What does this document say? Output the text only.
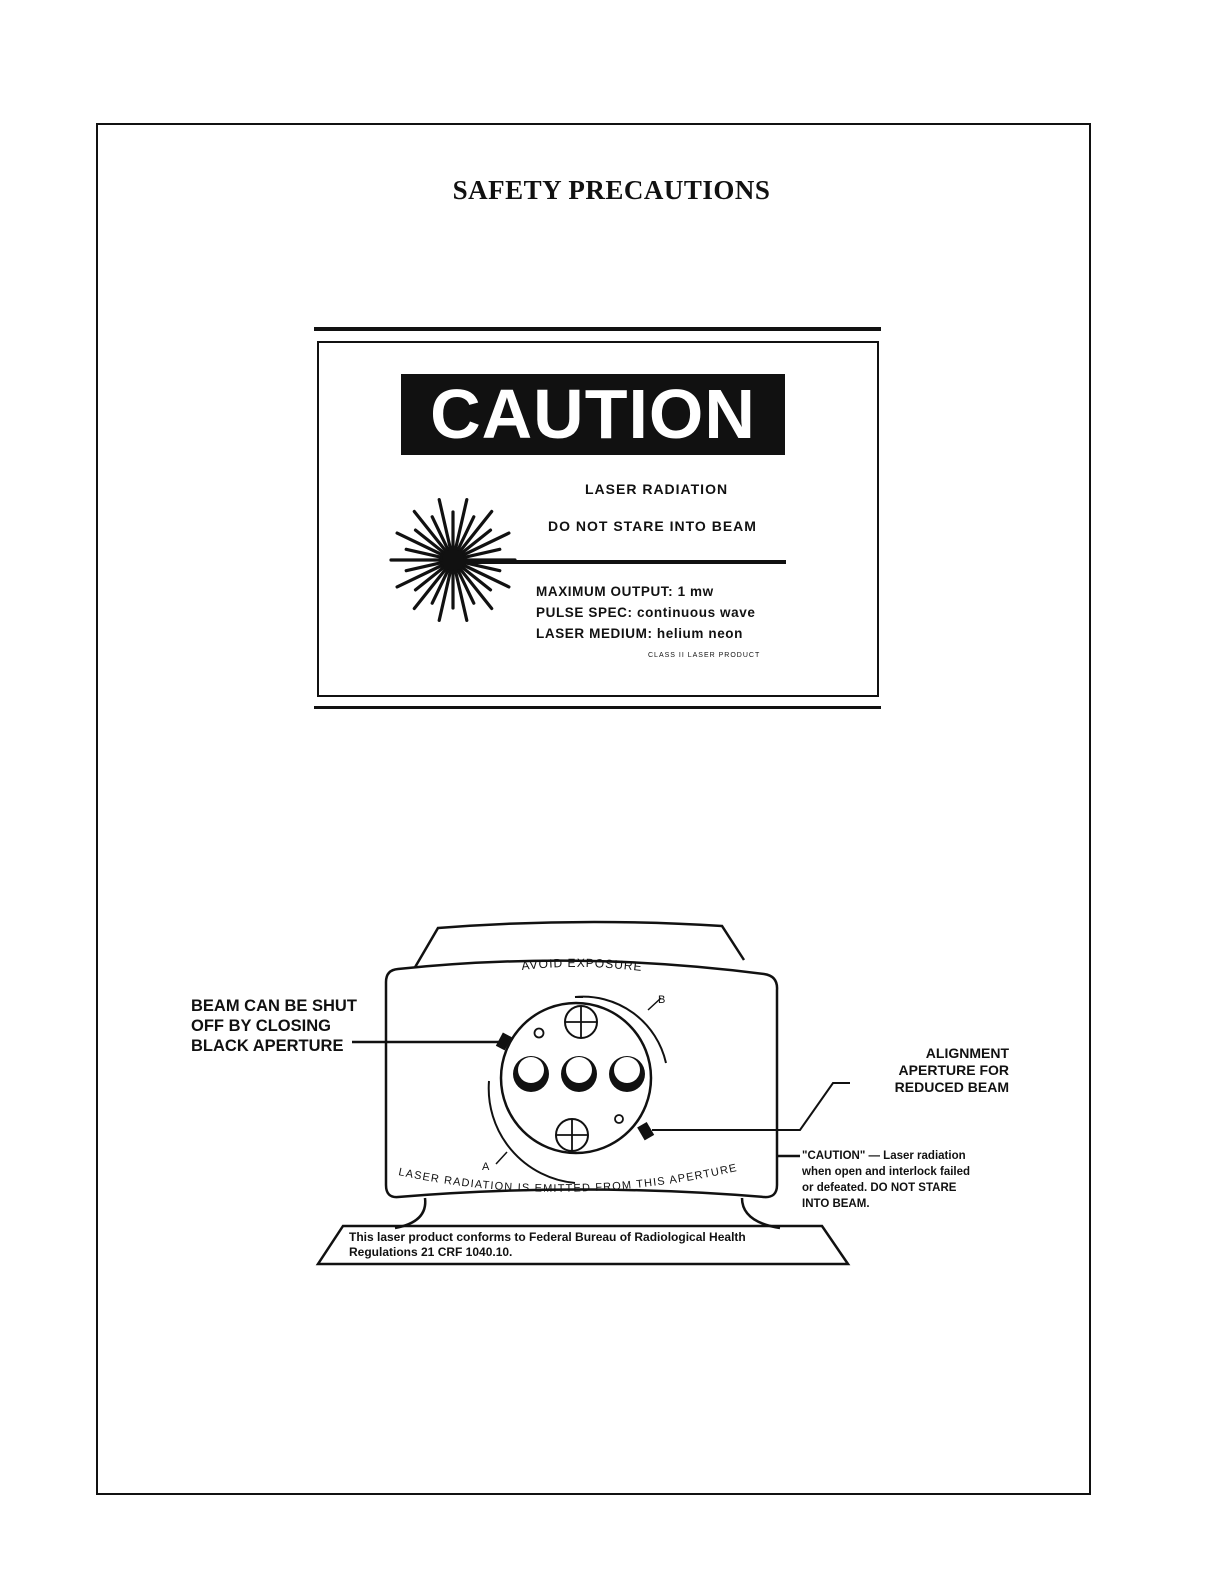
SAFETY PRECAUTIONS
CAUTION
LASER RADIATION
DO NOT STARE INTO BEAM
MAXIMUM OUTPUT: 1 mw
PULSE SPEC: continuous wave
LASER MEDIUM: helium neon
CLASS II LASER PRODUCT
AVOID EXPOSURE
LASER RADIATION IS EMITTED FROM THIS APERTURE
B
A
This laser product conforms to Federal Bureau of Radiological Health
Regulations 21 CRF 1040.10.
BEAM CAN BE SHUT
OFF BY CLOSING
BLACK APERTURE	ALIGNMENT
APERTURE FOR
REDUCED BEAM
"CAUTION" — Laser radiation
when open and interlock failed
or defeated. DO NOT STARE
INTO BEAM.
